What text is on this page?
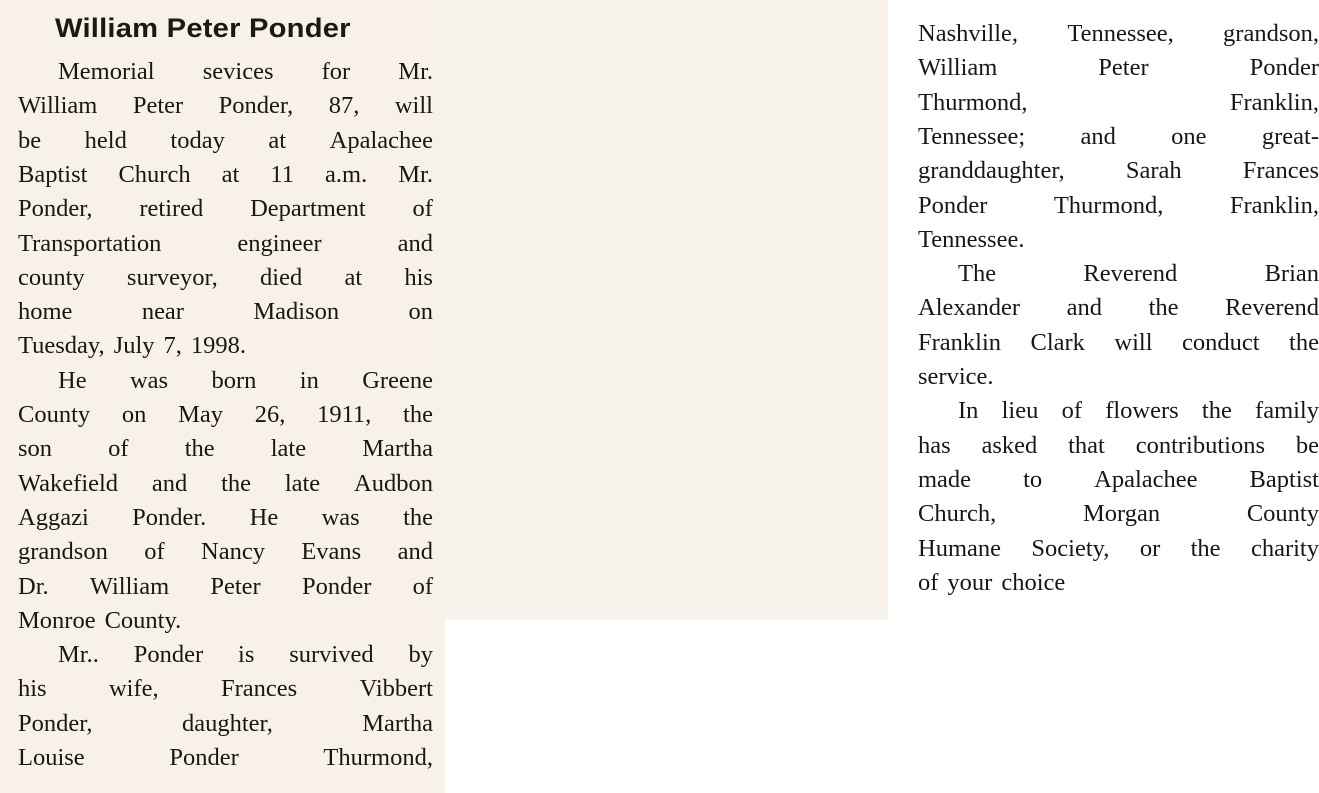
William Peter Ponder
Memorial sevices for Mr.
William Peter Ponder, 87, will
be held today at Apalachee
Baptist Church at 11 a.m. Mr.
Ponder, retired Department of
Transportation	engineer	and
county surveyor, died at his
home	near	Madison	on
Tuesday, July 7, 1998.
He was born in Greene
County on May 26, 1911, the
son of the late Martha
Wakefield and the late Audbon
Aggazi Ponder. He was the
grandson of Nancy Evans and
Dr. William Peter Ponder of
Monroe County.
Mr.. Ponder is survived by
his	wife,	Frances	Vibbert
Ponder,	daughter,	Martha
Louise	Ponder	Thurmond,
Nashville, Tennessee, grandson,
William	Peter	Ponder
Thurmond,	Franklin,
Tennessee; and one great-
granddaughter, Sarah Frances
Ponder	Thurmond,	Franklin,
Tennessee.
The	Reverend	Brian
Alexander and the Reverend
Franklin Clark will conduct the
service.
In lieu of flowers the family
has asked that contributions be
made to Apalachee Baptist
Church,	Morgan	County
Humane Society, or the charity
of your choice
